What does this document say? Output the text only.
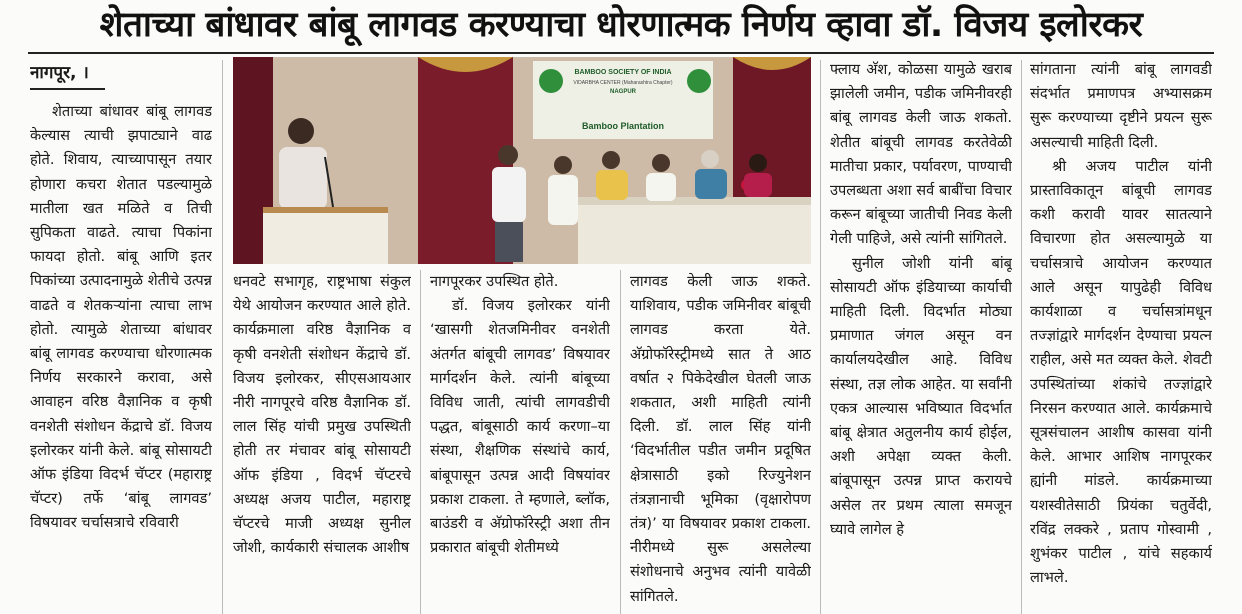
शेताच्या बांधावर बांबू लागवड करण्याचा धोरणात्मक निर्णय व्हावा डॉ. विजय इलोरकर
नागपूर, ।

शेताच्या बांधावर बांबू लागवड केल्यास त्याची झपाट्याने वाढ होते. शिवाय, त्याच्यापासून तयार होणारा कचरा शेतात पडल्यामुळे मातीला खत मळिते व तिची सुपिकता वाढते. त्याचा पिकांना फायदा होतो. बांबू आणि इतर पिकांच्या उत्पादनामुळे शेतीचे उत्पन्न वाढते व शेतकऱ्यांना त्याचा लाभ होतो. त्यामुळे शेताच्या बांधावर बांबू लागवड करण्याचा धोरणात्मक निर्णय सरकारने करावा, असे आवाहन वरिष्ठ वैज्ञानिक व कृषी वनशेती संशोधन केंद्राचे डॉ. विजय इलोरकर यांनी केले. बांबू सोसायटी ऑफ इंडिया विदर्भ चॅप्टर (महाराष्ट्र चॅप्टर) तर्फे ‘बांबू लागवड’ विषयावर चर्चासत्राचे रविवारी

BAMBOO SOCIETY OF INDIA
VIDARBHA CENTER (Maharashtra Chapter)
NAGPUR
Bamboo Plantation

धनवटे सभागृह, राष्ट्रभाषा संकुल येथे आयोजन करण्यात आले होते. कार्यक्रमाला वरिष्ठ वैज्ञानिक व कृषी वनशेती संशोधन केंद्राचे डॉ. विजय इलोरकर, सीएसआयआर नीरी नागपूरचे वरिष्ठ वैज्ञानिक डॉ. लाल सिंह यांची प्रमुख उपस्थिती होती तर ‍मंचावर बांबू सोसायटी ऑफ इंडिया , विदर्भ चॅप्टरचे अध्यक्ष अजय पाटील, महाराष्ट्र चॅप्टरचे माजी अध्यक्ष सुनील जोशी, कार्यकारी संचालक आशीष

नागपूरकर उपस्थित होते.

डॉ. विजय इलोरकर यांनी ‘खासगी शेतजमिनीवर वनशेती अंतर्गत बांबूची लागवड’ विषयावर मार्गदर्शन केले. त्यांनी बांबूच्या विविध जाती, त्यांची लागवडीची पद्धत, बांबूसाठी कार्य करणा–या संस्था, शैक्षणिक संस्थांचे कार्य, बांबूपासून उत्पन्न आदी विषयांवर प्रकाश टाकला. ते म्हणाले, ब्लॉक, बाउंडरी व अ‍ॅग्रोफॉरेस्ट्री अशा तीन प्रकारात बांबूची शेतीमध्ये

लागवड केली जाऊ शकते. याशिवाय, पडीक जमिनीवर बांबूची लागवड करता येते. अ‍ॅग्रोफॉरेस्ट्रीमध्ये सात ते आठ वर्षात २ पिकेदेखील घेतली जाऊ शकतात, अशी माहिती त्यांनी दिली. डॉ. लाल सिंह यांनी ‘विदर्भातील पडीत जमीन प्रदूषित क्षेत्रासाठी इको रिज्युनेशन तंत्रज्ञानाची भूमिका (वृक्षारोपण तंत्र)’ या विषयावर प्रकाश टाकला. नीरीमध्ये सुरू असलेल्या संशोधनाचे अनुभव त्यांनी यावेळी सांगितले.

फ्लाय अ‍ॅश, कोळसा यामुळे खराब झालेली जमीन, पडीक जमिनीवरही बांबू लागवड केली जाऊ शकतो. शेतीत बांबूची लागवड करतेवेळी मातीचा प्रकार, पर्यावरण, पाण्याची उपलब्धता अशा सर्व बाबींचा विचार करून बांबूच्या जातीची निवड केली गेली पाहिजे, असे त्यांनी सांगितले.

सुनील जोशी यांनी बांबू सोसायटी ऑफ इंडियाच्या कार्याची माहिती दिली. विदर्भात मोठ्या प्रमाणात जंगल असून वन कार्यालयदेखील आहे. विविध संस्था, तज्ञ लोक आहेत. या सर्वांनी एकत्र आल्यास भविष्यात विदर्भात बांबू क्षेत्रात अतुलनीय कार्य होईल, अशी अपेक्षा व्यक्त केली. बांबूपासून उत्पन्न प्राप्त करायचे असेल तर प्रथम त्याला समजून घ्यावे लागेल हे

सांगताना त्यांनी बांबू लागवडी संदर्भात प्रमाणपत्र अभ्यासक्रम सुरू करण्याच्या दृष्टीने प्रयत्न सुरू असल्याची माहिती दिली.

श्री अजय पाटील यांनी प्रास्ताविकातून बांबूची लागवड कशी करावी यावर सातत्याने विचारणा होत असल्यामुळे या चर्चासत्राचे आयोजन करण्यात आले असून यापुढेही विविध कार्यशाळा व चर्चासत्रांमधून तज्ज्ञांद्वारे मार्गदर्शन देण्याचा प्रयत्न राहील, असे मत व्यक्त केले. शेवटी उपस्थितांच्या शंकांचे तज्ज्ञांद्वारे निरसन करण्यात आले. कार्यक्रमाचे सूत्रसंचालन आशीष कासवा यांनी केले. आभार आशिष नागपूरकर ह्यांनी मांडले. कार्यक्रमाच्या यशस्वीतेसाठी प्रियंका चतुर्वेदी, रविंद्र लक्करे , प्रताप गोस्वामी , शुभंकर पाटील , यांचे सहकार्य लाभले.
